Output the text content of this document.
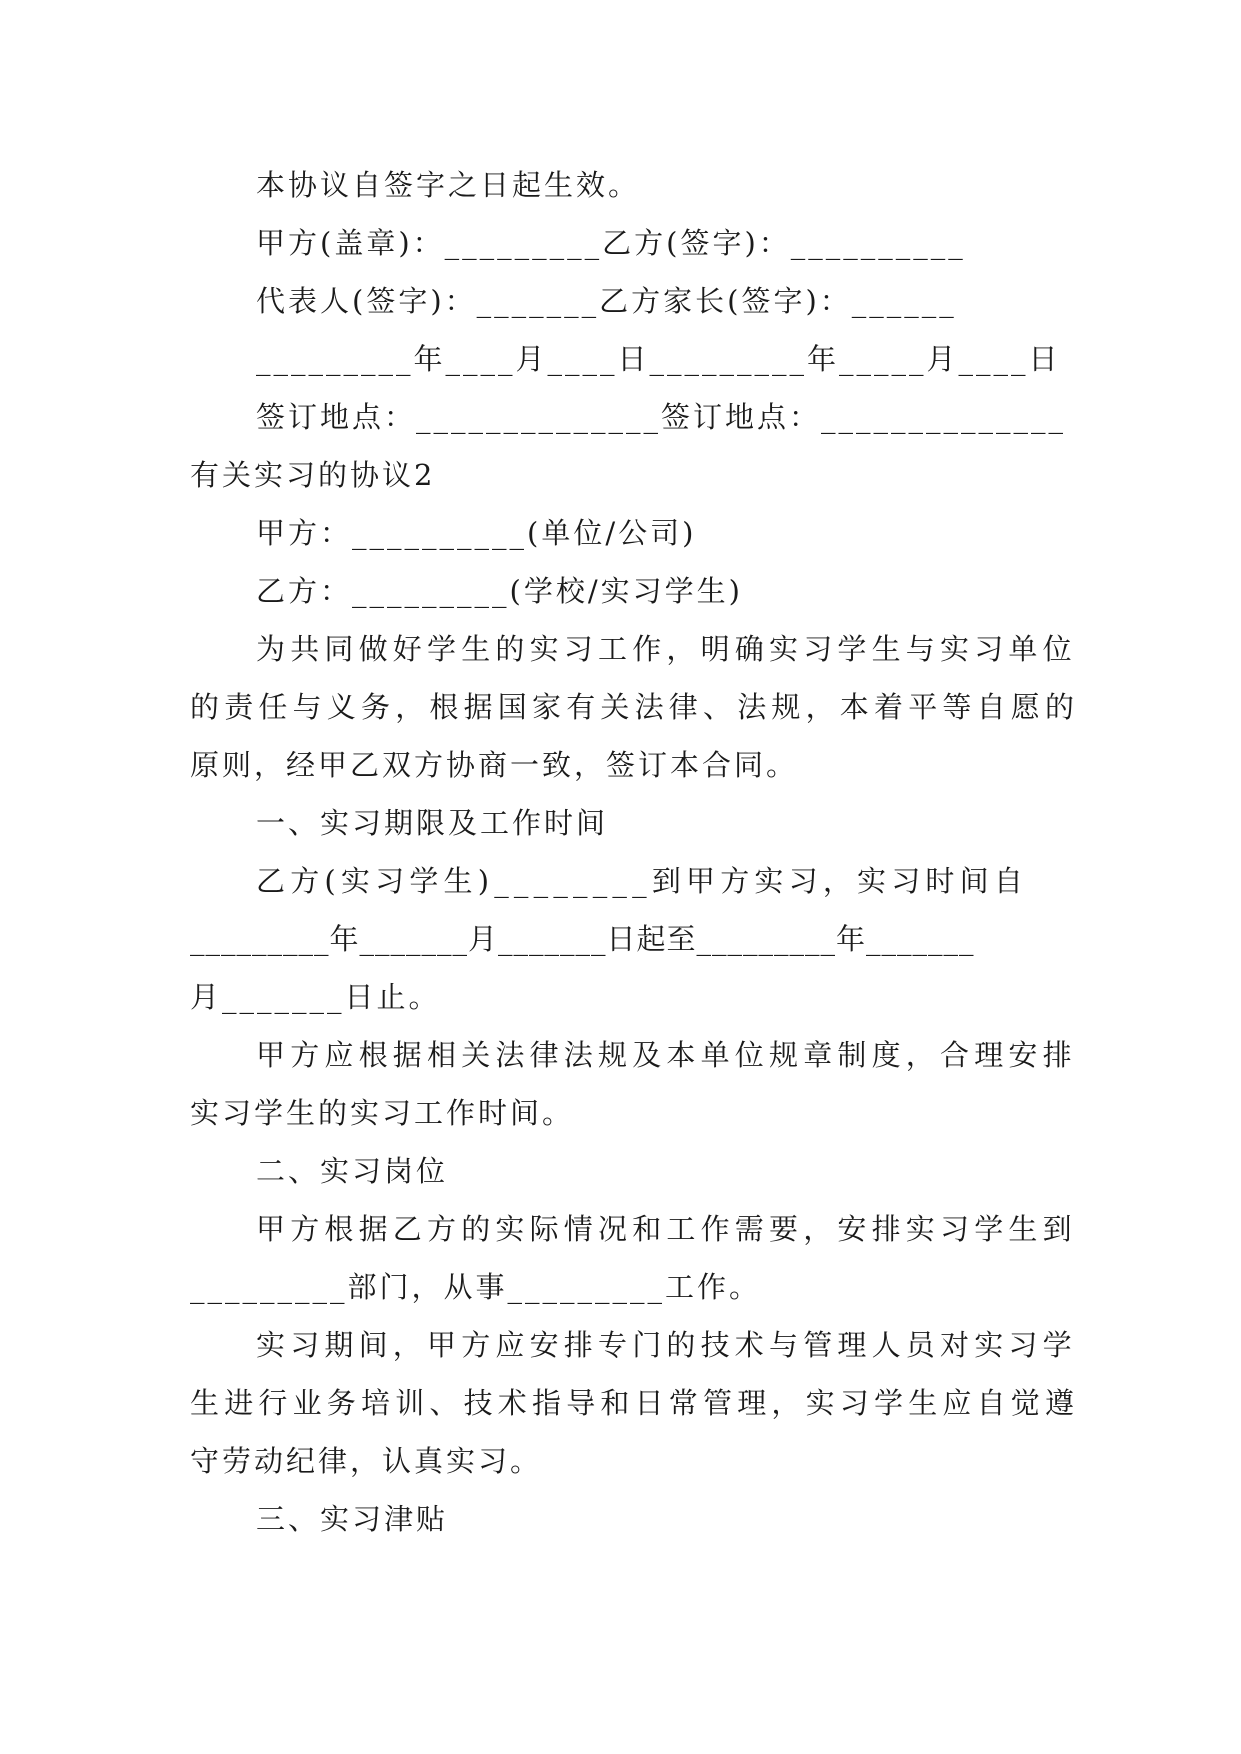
本协议自签字之日起生效。
甲方(盖章)：_________乙方(签字)：__________
代表人(签字)：_______乙方家长(签字)：______
_________年____月____日_________年_____月____日
签订地点：______________签订地点：______________
有关实习的协议2
甲方：__________(单位/公司)
乙方：_________(学校/实习学生)
为共同做好学生的实习工作，明确实习学生与实习单位
的责任与义务，根据国家有关法律、法规，本着平等自愿的
原则，经甲乙双方协商一致，签订本合同。
一、实习期限及工作时间
乙方(实习学生)________到甲方实习，实习时间自
_________年_______月_______日起至_________年_______
月_______日止。
甲方应根据相关法律法规及本单位规章制度，合理安排
实习学生的实习工作时间。
二、实习岗位
甲方根据乙方的实际情况和工作需要，安排实习学生到
_________部门，从事_________工作。
实习期间，甲方应安排专门的技术与管理人员对实习学
生进行业务培训、技术指导和日常管理，实习学生应自觉遵
守劳动纪律，认真实习。
三、实习津贴
